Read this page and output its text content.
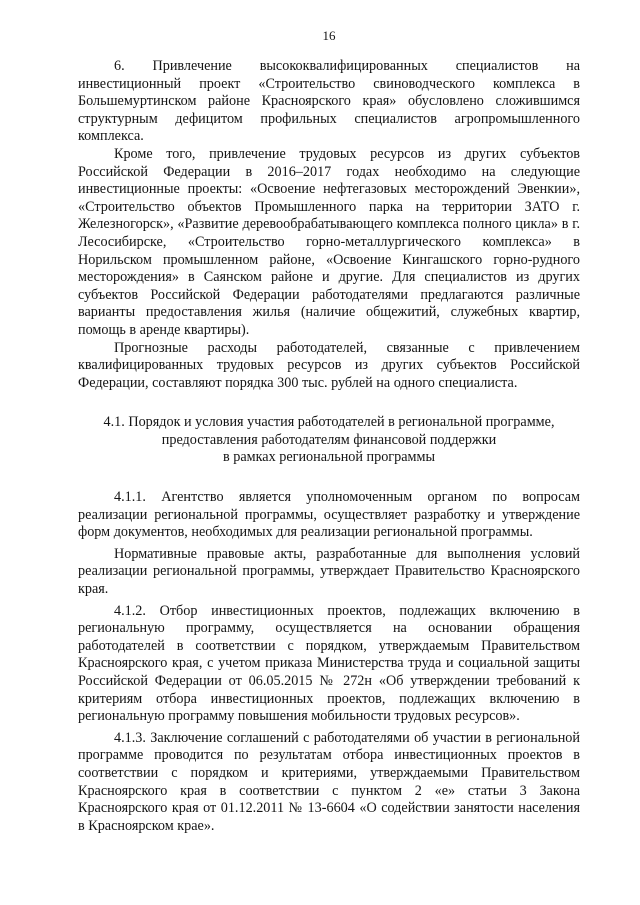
16

6. Привлечение высококвалифицированных специалистов на инвестиционный проект «Строительство свиноводческого комплекса в Большемуртинском районе Красноярского края» обусловлено сложившимся структурным дефицитом профильных специалистов агропромышленного комплекса.

Кроме того, привлечение трудовых ресурсов из других субъектов Российской Федерации в 2016–2017 годах необходимо на следующие инвестиционные проекты: «Освоение нефтегазовых месторождений Эвенкии», «Строительство объектов Промышленного парка на территории ЗАТО г. Железногорск», «Развитие деревообрабатывающего комплекса полного цикла» в г. Лесосибирске, «Строительство горно-металлургического комплекса» в Норильском промышленном районе, «Освоение Кингашского горно-рудного месторождения» в Саянском районе и другие. Для специалистов из других субъектов Российской Федерации работодателями предлагаются различные варианты предоставления жилья (наличие общежитий, служебных квартир, помощь в аренде квартиры).

Прогнозные расходы работодателей, связанные с привлечением квалифицированных трудовых ресурсов из других субъектов Российской Федерации, составляют порядка 300 тыс. рублей на одного специалиста.

4.1. Порядок и условия участия работодателей в региональной программе,
предоставления работодателям финансовой поддержки
в рамках региональной программы

4.1.1. Агентство является уполномоченным органом по вопросам реализации региональной программы, осуществляет разработку и утверждение форм документов, необходимых для реализации региональной программы.

Нормативные правовые акты, разработанные для выполнения условий реализации региональной программы, утверждает Правительство Красноярского края.

4.1.2. Отбор инвестиционных проектов, подлежащих включению в региональную программу, осуществляется на основании обращения работодателей в соответствии с порядком, утверждаемым Правительством Красноярского края, с учетом приказа Министерства труда и социальной защиты Российской Федерации от 06.05.2015 № 272н «Об утверждении требований к критериям отбора инвестиционных проектов, подлежащих включению в региональную программу повышения мобильности трудовых ресурсов».

4.1.3. Заключение соглашений с работодателями об участии в региональной программе проводится по результатам отбора инвестиционных проектов в соответствии с порядком и критериями, утверждаемыми Правительством Красноярского края в соответствии с пунктом 2 «е» статьи 3 Закона Красноярского края от 01.12.2011 № 13-6604 «О содействии занятости населения в Красноярском крае».
